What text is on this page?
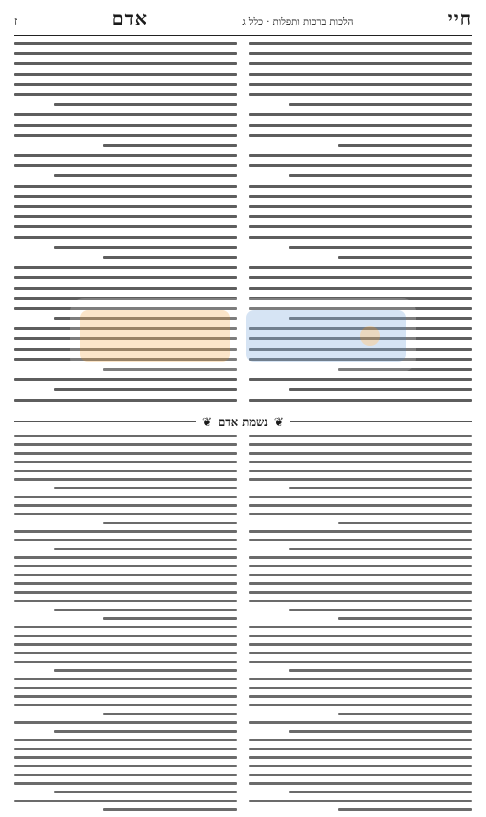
חיי
הלכות ברכות ותפלות · כלל ג
אדם
ז
❦
נשמת אדם
❦
